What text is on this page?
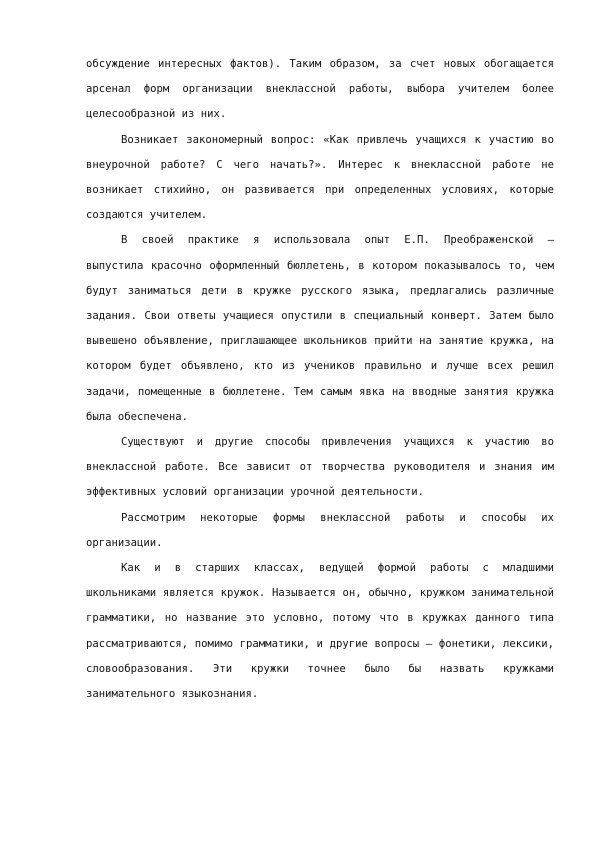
обсуждение интересных фактов). Таким образом, за счет новых обогащается арсенал форм организации внеклассной работы, выбора учителем более целесообразной из них.

Возникает закономерный вопрос: «Как привлечь учащихся к участию во внеурочной работе? С чего начать?». Интерес к внеклассной работе не возникает стихийно, он развивается при определенных условиях, которые создаются учителем.

В своей практике я использовала опыт Е.П. Преображенской – выпустила красочно оформленный бюллетень, в котором показывалось то, чем будут заниматься дети в кружке русского языка, предлагались различные задания. Свои ответы учащиеся опустили в специальный конверт. Затем было вывешено объявление, приглашающее школьников прийти на занятие кружка, на котором будет объявлено, кто из учеников правильно и лучше всех решил задачи, помещенные в бюллетене. Тем самым явка на вводные занятия кружка была обеспечена.

Существуют и другие способы привлечения учащихся к участию во внеклассной работе. Все зависит от творчества руководителя и знания им эффективных условий организации урочной деятельности.

Рассмотрим некоторые формы внеклассной работы и способы их организации.

Как и в старших классах, ведущей формой работы с младшими школьниками является кружок. Называется он, обычно, кружком занимательной грамматики, но название это условно, потому что в кружках данного типа рассматриваются, помимо грамматики, и другие вопросы – фонетики, лексики, словообразования. Эти кружки точнее было бы назвать кружками занимательного языкознания.
